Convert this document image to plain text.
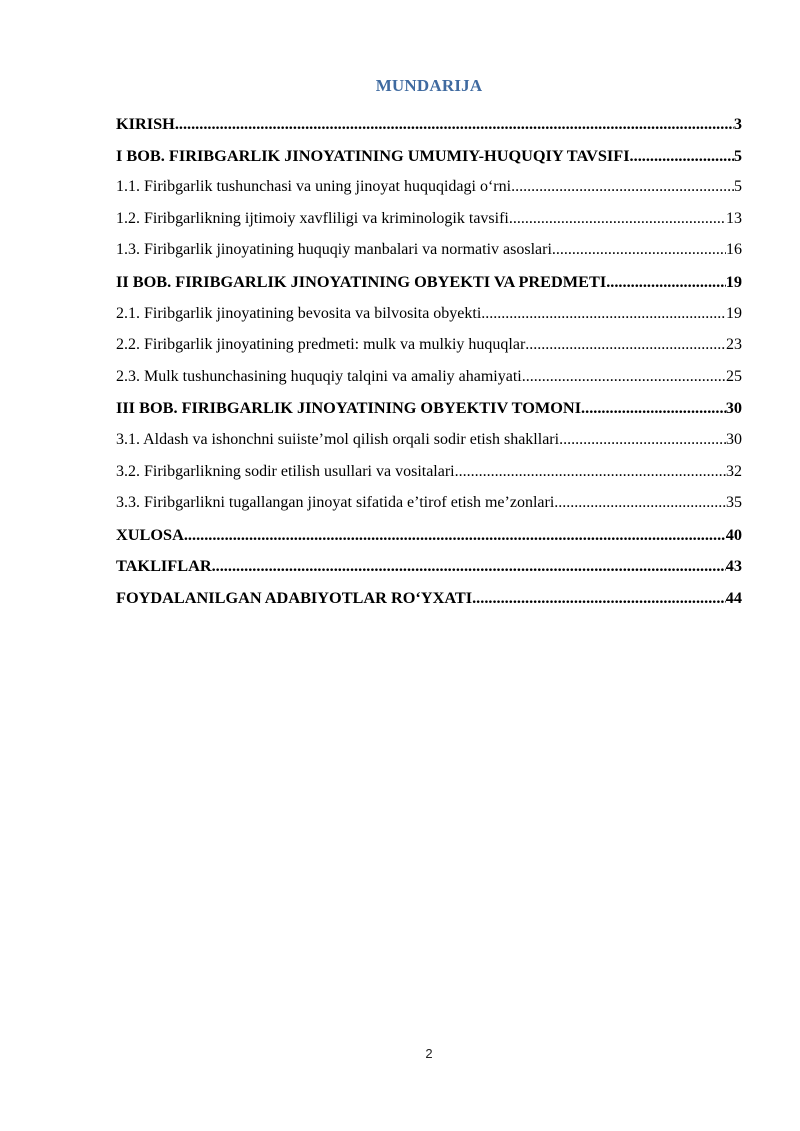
MUNDARIJA
KIRISH .....	3
I BOB. FIRIBGARLIK JINOYATINING UMUMIY-HUQUQIY TAVSIFI .....	5
1.1. Firibgarlik tushunchasi va uning jinoyat huquqidagi o‘rni .....	5
1.2. Firibgarlikning ijtimoiy xavfliligi va kriminologik tavsifi .....	13
1.3. Firibgarlik jinoyatining huquqiy manbalari va normativ asoslari .....	16
II BOB. FIRIBGARLIK JINOYATINING OBYEKTI VA PREDMETI .....	19
2.1. Firibgarlik jinoyatining bevosita va bilvosita obyekti .....	19
2.2. Firibgarlik jinoyatining predmeti: mulk va mulkiy huquqlar .....	23
2.3. Mulk tushunchasining huquqiy talqini va amaliy ahamiyati .....	25
III BOB. FIRIBGARLIK JINOYATINING OBYEKTIV TOMONI .....	30
3.1. Aldash va ishonchni suiiste’mol qilish orqali sodir etish shakllari .....	30
3.2. Firibgarlikning sodir etilish usullari va vositalari .....	32
3.3. Firibgarlikni tugallangan jinoyat sifatida e’tirof etish me’zonlari .....	35
XULOSA .....	40
TAKLIFLAR .....	43
FOYDALANILGAN ADABIYOTLAR RO‘YXATI .....	44
2
